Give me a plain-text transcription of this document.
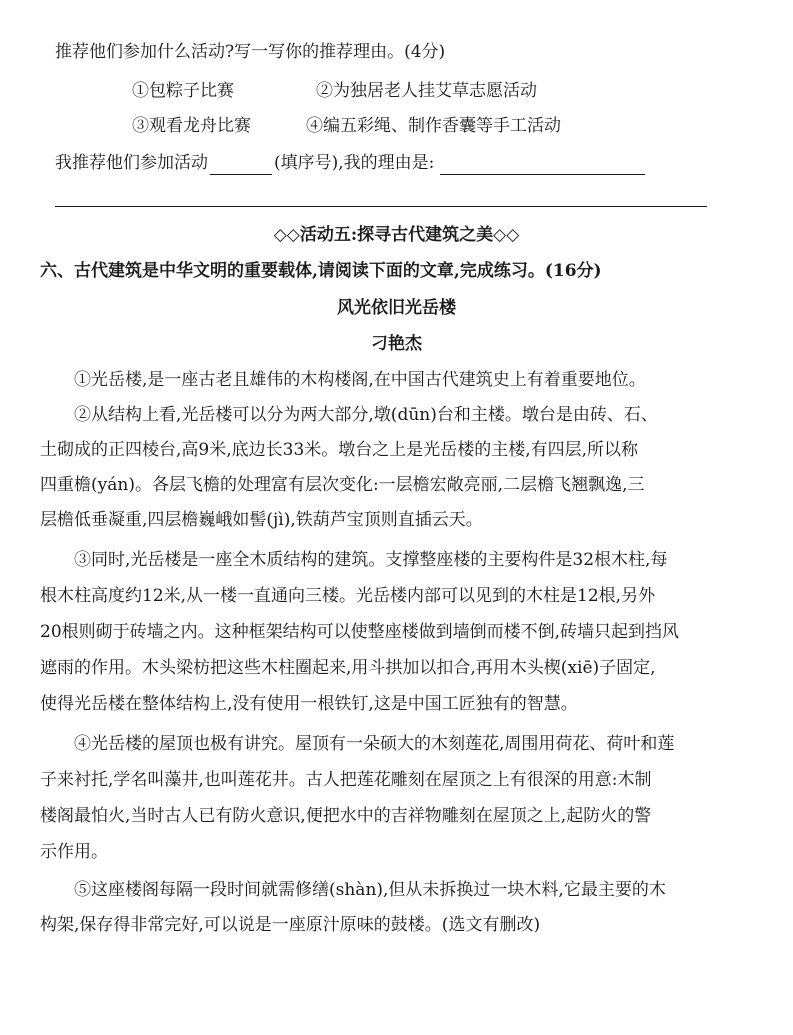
推荐他们参加什么活动?写一写你的推荐理由。(4分)
①包粽子比赛	②为独居老人挂艾草志愿活动
③观看龙舟比赛	④编五彩绳、制作香囊等手工活动
我推荐他们参加活动	(填序号),我的理由是:
◇◇活动五:探寻古代建筑之美◇◇
六、古代建筑是中华文明的重要载体,请阅读下面的文章,完成练习。(16分)
风光依旧光岳楼
刁艳杰
①光岳楼,是一座古老且雄伟的木构楼阁,在中国古代建筑史上有着重要地位。
②从结构上看,光岳楼可以分为两大部分,墩(dūn)台和主楼。墩台是由砖、石、
土砌成的正四棱台,高9米,底边长33米。墩台之上是光岳楼的主楼,有四层,所以称
四重檐(yán)。各层飞檐的处理富有层次变化:一层檐宏敞亮丽,二层檐飞翘飘逸,三
层檐低垂凝重,四层檐巍峨如髻(jì),铁葫芦宝顶则直插云天。
③同时,光岳楼是一座全木质结构的建筑。支撑整座楼的主要构件是32根木柱,每
根木柱高度约12米,从一楼一直通向三楼。光岳楼内部可以见到的木柱是12根,另外
20根则砌于砖墙之内。这种框架结构可以使整座楼做到墙倒而楼不倒,砖墙只起到挡风
遮雨的作用。木头梁枋把这些木柱圈起来,用斗拱加以扣合,再用木头楔(xiē)子固定,
使得光岳楼在整体结构上,没有使用一根铁钉,这是中国工匠独有的智慧。
④光岳楼的屋顶也极有讲究。屋顶有一朵硕大的木刻莲花,周围用荷花、荷叶和莲
子来衬托,学名叫藻井,也叫莲花井。古人把莲花雕刻在屋顶之上有很深的用意:木制
楼阁最怕火,当时古人已有防火意识,便把水中的吉祥物雕刻在屋顶之上,起防火的警
示作用。
⑤这座楼阁每隔一段时间就需修缮(shàn),但从未拆换过一块木料,它最主要的木
构架,保存得非常完好,可以说是一座原汁原味的鼓楼。(选文有删改)
